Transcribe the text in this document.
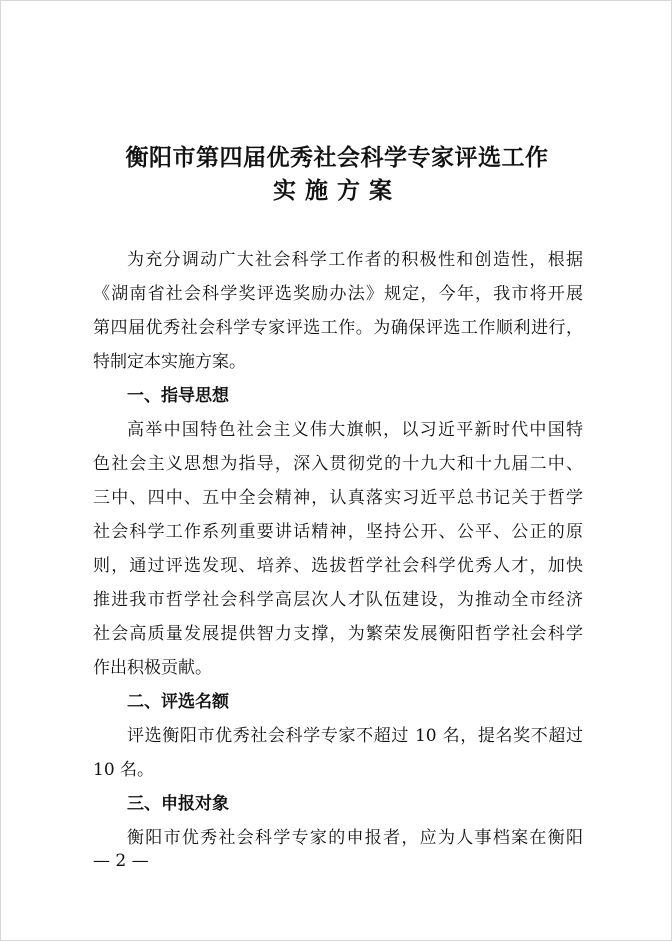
衡阳市第四届优秀社会科学专家评选工作
实施方案
为充分调动广大社会科学工作者的积极性和创造性，根据
《湖南省社会科学奖评选奖励办法》规定，今年，我市将开展
第四届优秀社会科学专家评选工作。为确保评选工作顺利进行，
特制定本实施方案。
一、指导思想
高举中国特色社会主义伟大旗帜，以习近平新时代中国特
色社会主义思想为指导，深入贯彻党的十九大和十九届二中、
三中、四中、五中全会精神，认真落实习近平总书记关于哲学
社会科学工作系列重要讲话精神，坚持公开、公平、公正的原
则，通过评选发现、培养、选拔哲学社会科学优秀人才，加快
推进我市哲学社会科学高层次人才队伍建设，为推动全市经济
社会高质量发展提供智力支撑，为繁荣发展衡阳哲学社会科学
作出积极贡献。
二、评选名额
评选衡阳市优秀社会科学专家不超过 10 名，提名奖不超过
10 名。
三、申报对象
衡阳市优秀社会科学专家的申报者，应为人事档案在衡阳
— 2 —
